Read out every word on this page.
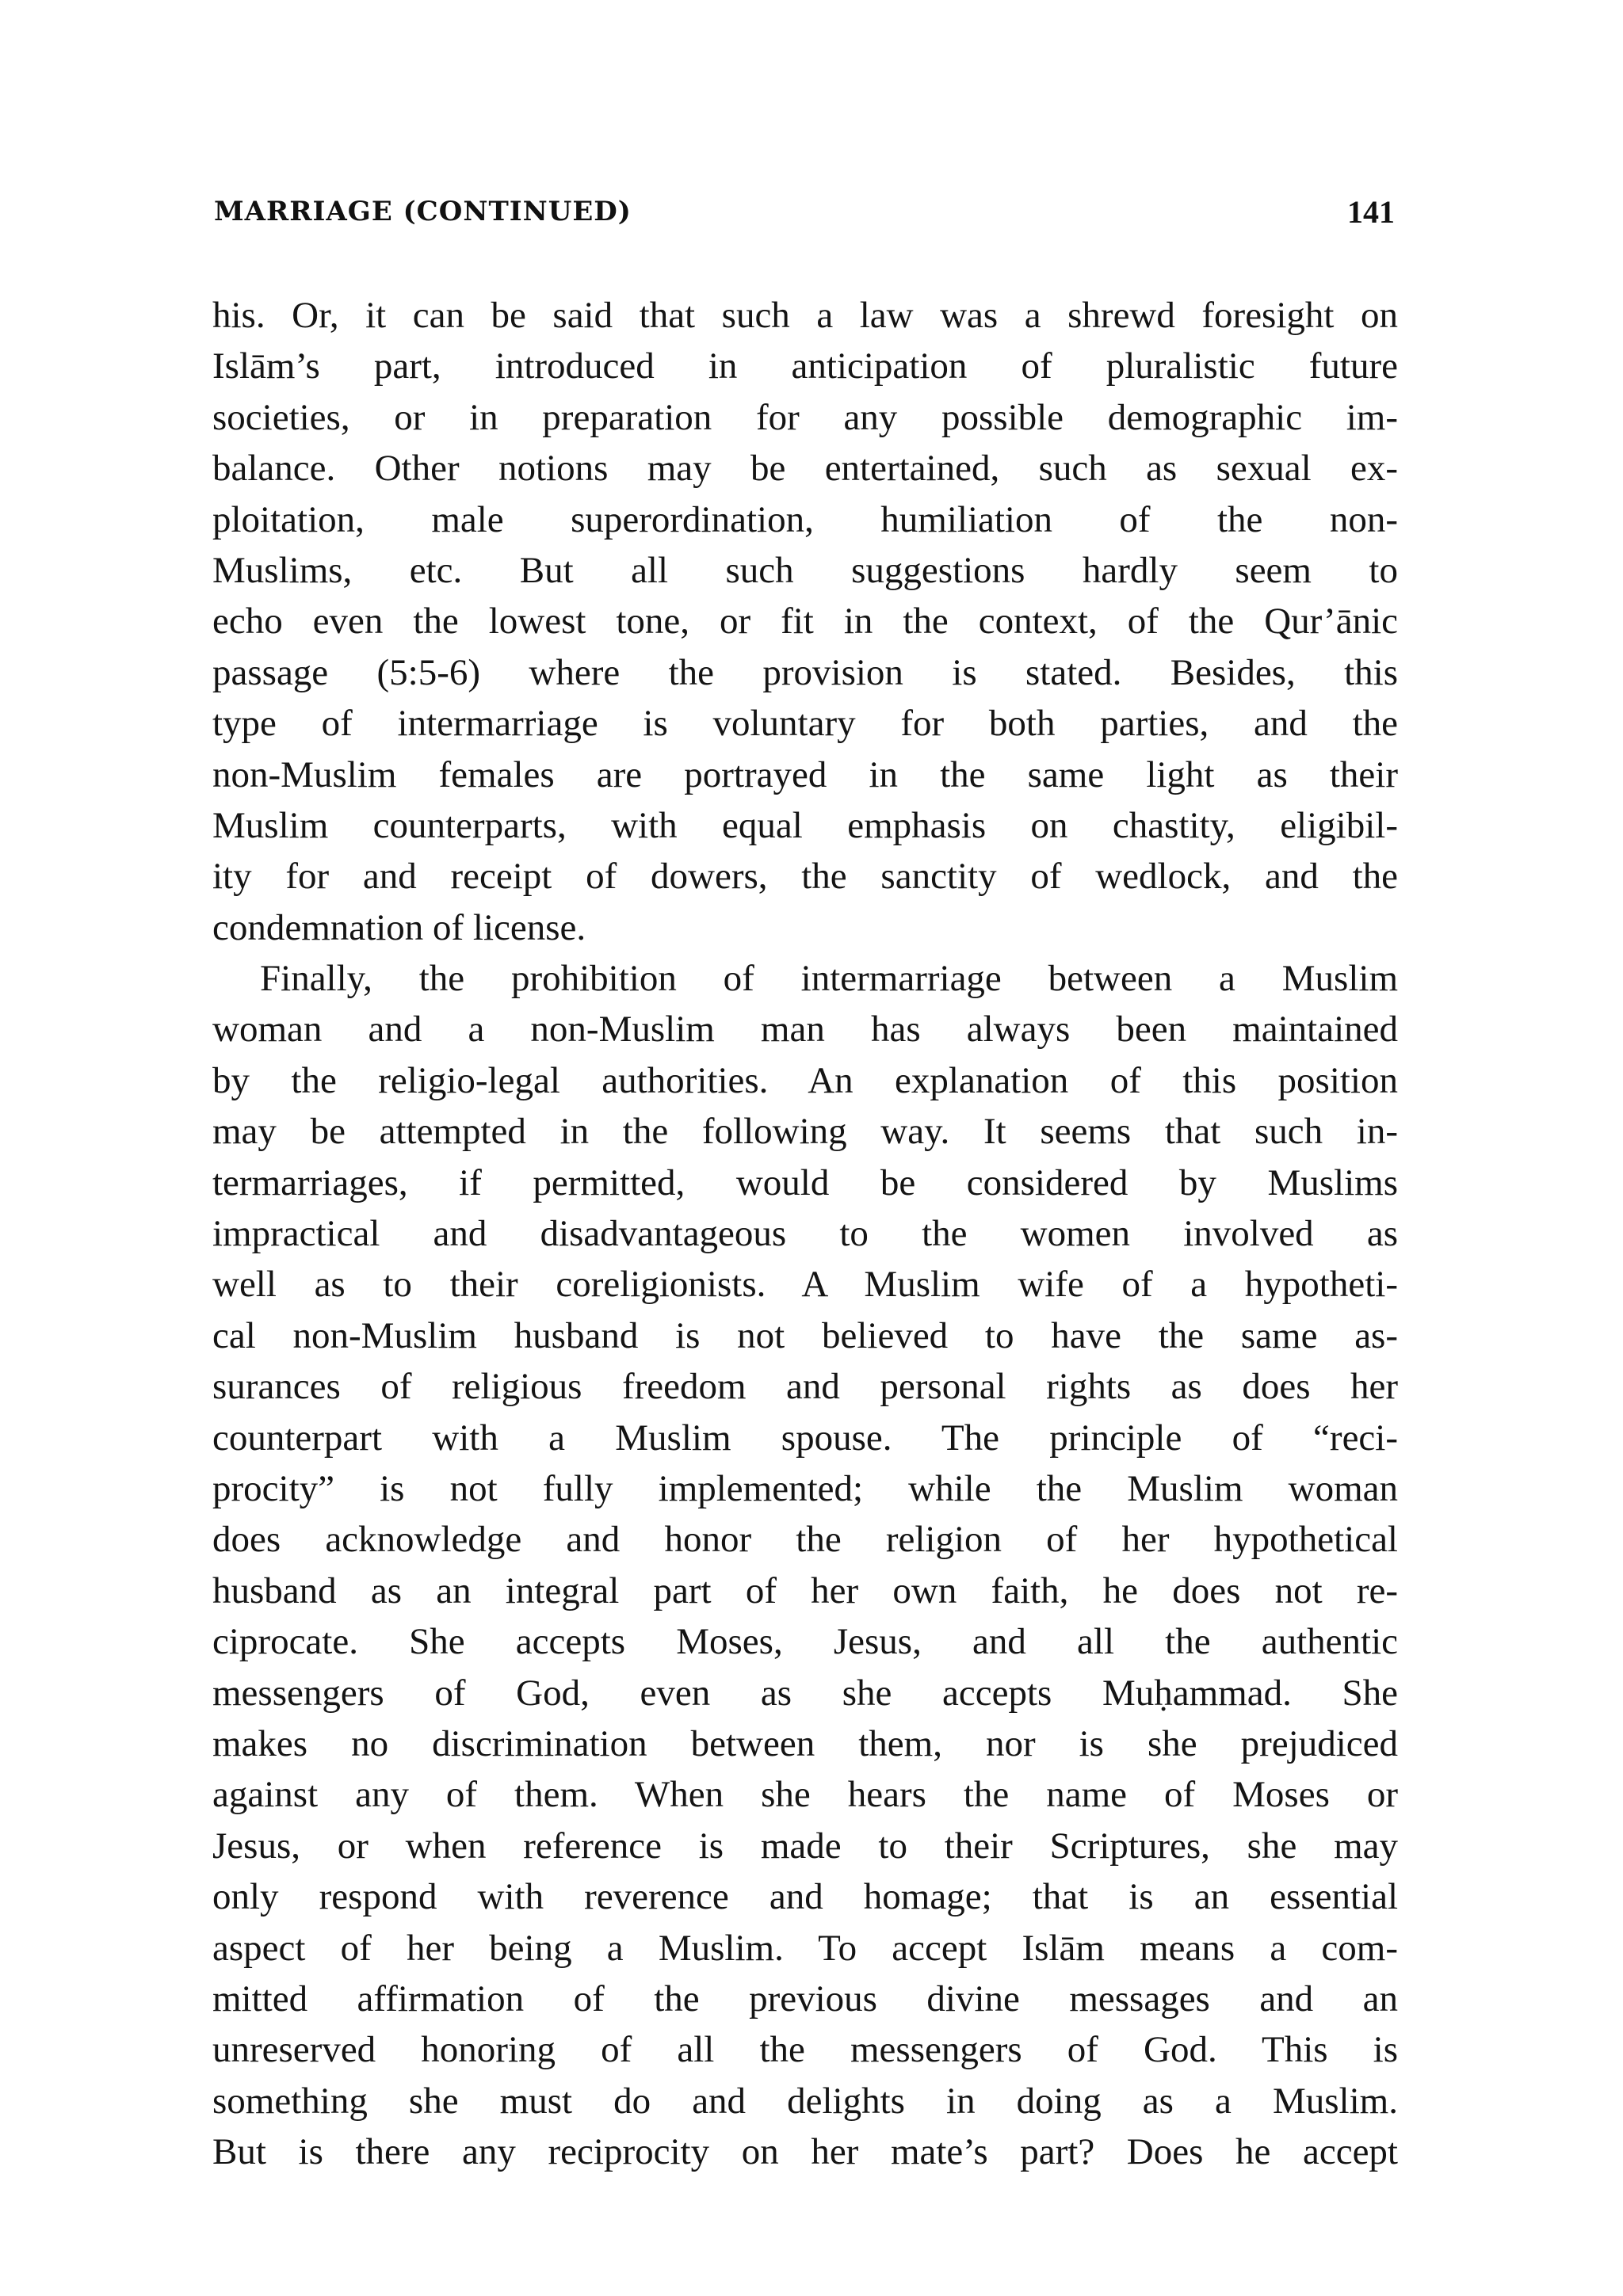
MARRIAGE (CONTINUED)	141
his. Or, it can be said that such a law was a shrewd foresight on
Islām’s part, introduced in anticipation of pluralistic future
societies, or in preparation for any possible demographic im-
balance. Other notions may be entertained, such as sexual ex-
ploitation, male superordination, humiliation of the non-
Muslims, etc. But all such suggestions hardly seem to
echo even the lowest tone, or fit in the context, of the Qur’ānic
passage (5:5-6) where the provision is stated. Besides, this
type of intermarriage is voluntary for both parties, and the
non-Muslim females are portrayed in the same light as their
Muslim counterparts, with equal emphasis on chastity, eligibil-
ity for and receipt of dowers, the sanctity of wedlock, and the
condemnation of license.
Finally, the prohibition of intermarriage between a Muslim
woman and a non-Muslim man has always been maintained
by the religio-legal authorities. An explanation of this position
may be attempted in the following way. It seems that such in-
termarriages, if permitted, would be considered by Muslims
impractical and disadvantageous to the women involved as
well as to their coreligionists. A Muslim wife of a hypotheti-
cal non-Muslim husband is not believed to have the same as-
surances of religious freedom and personal rights as does her
counterpart with a Muslim spouse. The principle of “reci-
procity” is not fully implemented; while the Muslim woman
does acknowledge and honor the religion of her hypothetical
husband as an integral part of her own faith, he does not re-
ciprocate. She accepts Moses, Jesus, and all the authentic
messengers of God, even as she accepts Muḥammad. She
makes no discrimination between them, nor is she prejudiced
against any of them. When she hears the name of Moses or
Jesus, or when reference is made to their Scriptures, she may
only respond with reverence and homage; that is an essential
aspect of her being a Muslim. To accept Islām means a com-
mitted affirmation of the previous divine messages and an
unreserved honoring of all the messengers of God. This is
something she must do and delights in doing as a Muslim.
But is there any reciprocity on her mate’s part? Does he accept
